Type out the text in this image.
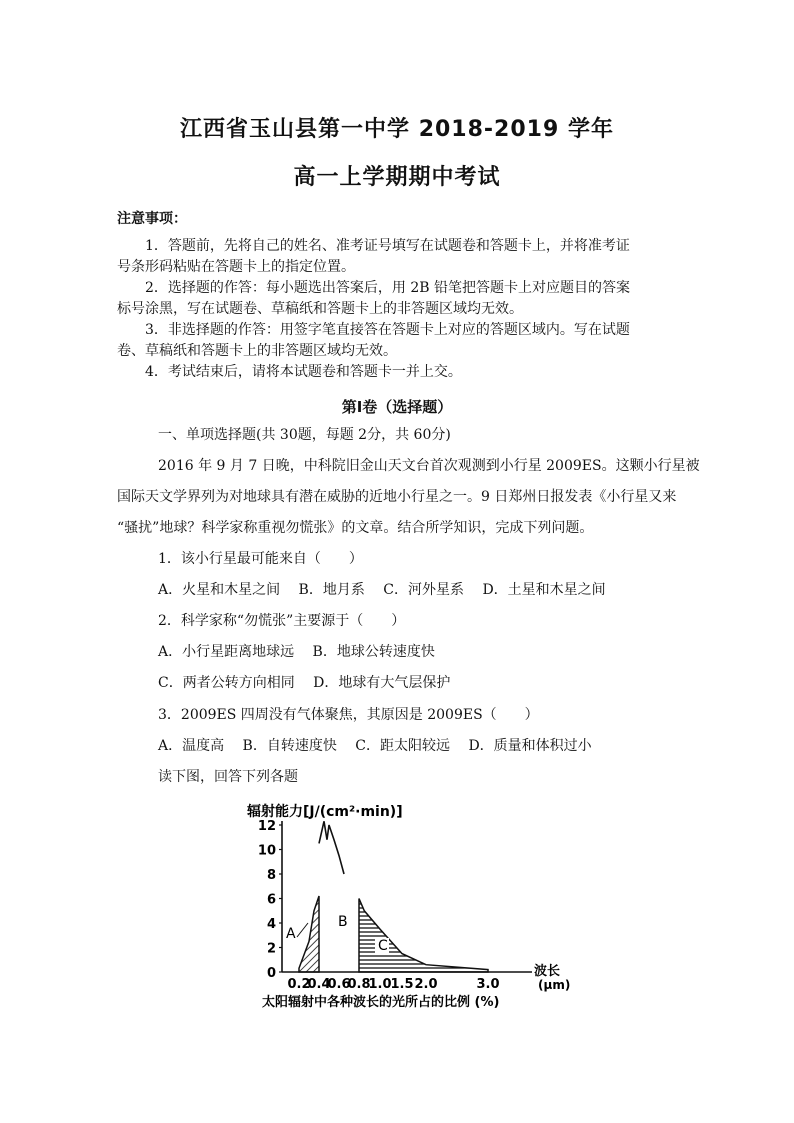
江西省玉山县第一中学 2018-2019 学年
高一上学期期中考试
注意事项：
1．答题前，先将自己的姓名、准考证号填写在试题卷和答题卡上，并将准考证
号条形码粘贴在答题卡上的指定位置。
2．选择题的作答：每小题选出答案后，用 2B 铅笔把答题卡上对应题目的答案
标号涂黑，写在试题卷、草稿纸和答题卡上的非答题区域均无效。
3．非选择题的作答：用签字笔直接答在答题卡上对应的答题区域内。写在试题
卷、草稿纸和答题卡上的非答题区域均无效。
4．考试结束后，请将本试题卷和答题卡一并上交。
第Ⅰ卷（选择题）
一、单项选择题(共 30题，每题 2分，共 60分)
2016 年 9 月 7 日晚，中科院旧金山天文台首次观测到小行星 2009ES。这颗小行星被
国际天文学界列为对地球具有潜在威胁的近地小行星之一。9 日郑州日报发表《小行星又来
“骚扰”地球？科学家称重视勿慌张》的文章。结合所学知识，完成下列问题。
1．该小行星最可能来自（　　）
A．火星和木星之间　 B．地月系　 C．河外星系　 D．土星和木星之间
2．科学家称“勿慌张”主要源于（　　）
A．小行星距离地球远　 B．地球公转速度快
C．两者公转方向相同　 D．地球有大气层保护
3．2009ES 四周没有气体聚焦，其原因是 2009ES（　　）
A．温度高　 B．自转速度快　 C．距太阳较远　 D．质量和体积过小
读下图，回答下列各题
0
2
4
6
8
10
12
0.2
0.4
0.6
0.8
1.0
1.5 2.0	3.0
A
B
C
辐射能力[J/(cm²·min)]
波长
(μm)
太阳辐射中各种波长的光所占的比例 (%)
